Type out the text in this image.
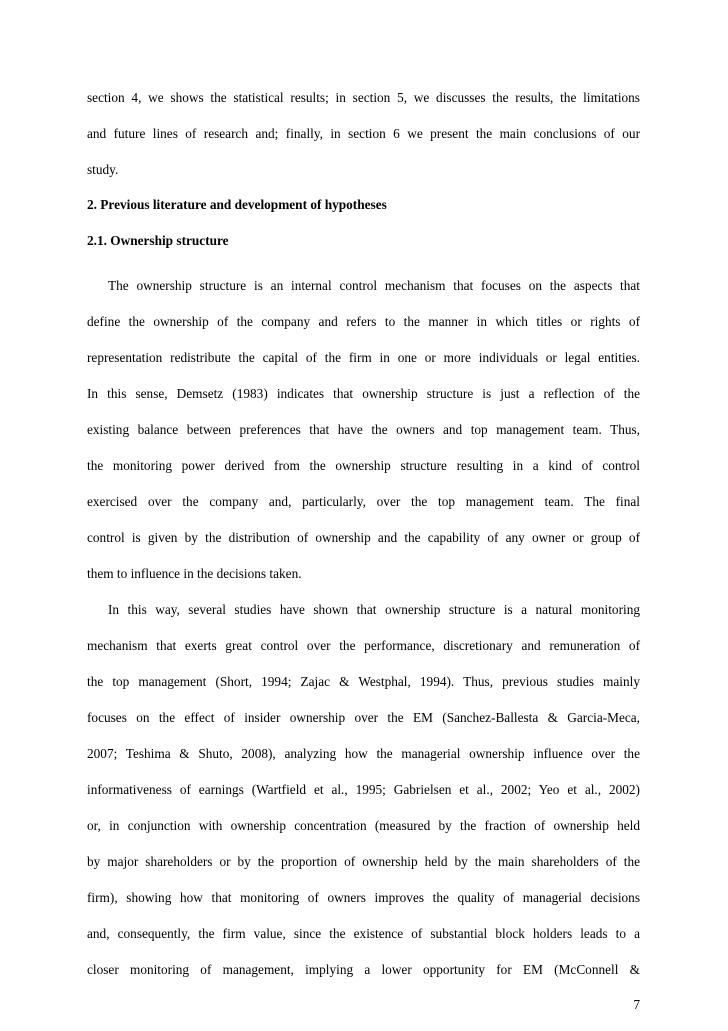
section 4, we shows the statistical results; in section 5, we discusses the results, the limitations
and future lines of research and; finally, in section 6 we present the main conclusions of our
study.
2. Previous literature and development of hypotheses
2.1. Ownership structure
The ownership structure is an internal control mechanism that focuses on the aspects that
define the ownership of the company and refers to the manner in which titles or rights of
representation redistribute the capital of the firm in one or more individuals or legal entities.
In this sense, Demsetz (1983) indicates that ownership structure is just a reflection of the
existing balance between preferences that have the owners and top management team. Thus,
the monitoring power derived from the ownership structure resulting in a kind of control
exercised over the company and, particularly, over the top management team. The final
control is given by the distribution of ownership and the capability of any owner or group of
them to influence in the decisions taken.
In this way, several studies have shown that ownership structure is a natural monitoring
mechanism that exerts great control over the performance, discretionary and remuneration of
the top management (Short, 1994; Zajac & Westphal, 1994). Thus, previous studies mainly
focuses on the effect of insider ownership over the EM (Sanchez-Ballesta & Garcia-Meca,
2007; Teshima & Shuto, 2008), analyzing how the managerial ownership influence over the
informativeness of earnings (Wartfield et al., 1995; Gabrielsen et al., 2002; Yeo et al., 2002)
or, in conjunction with ownership concentration (measured by the fraction of ownership held
by major shareholders or by the proportion of ownership held by the main shareholders of the
firm), showing how that monitoring of owners improves the quality of managerial decisions
and, consequently, the firm value, since the existence of substantial block holders leads to a
closer monitoring of management, implying a lower opportunity for EM (McConnell &
7
